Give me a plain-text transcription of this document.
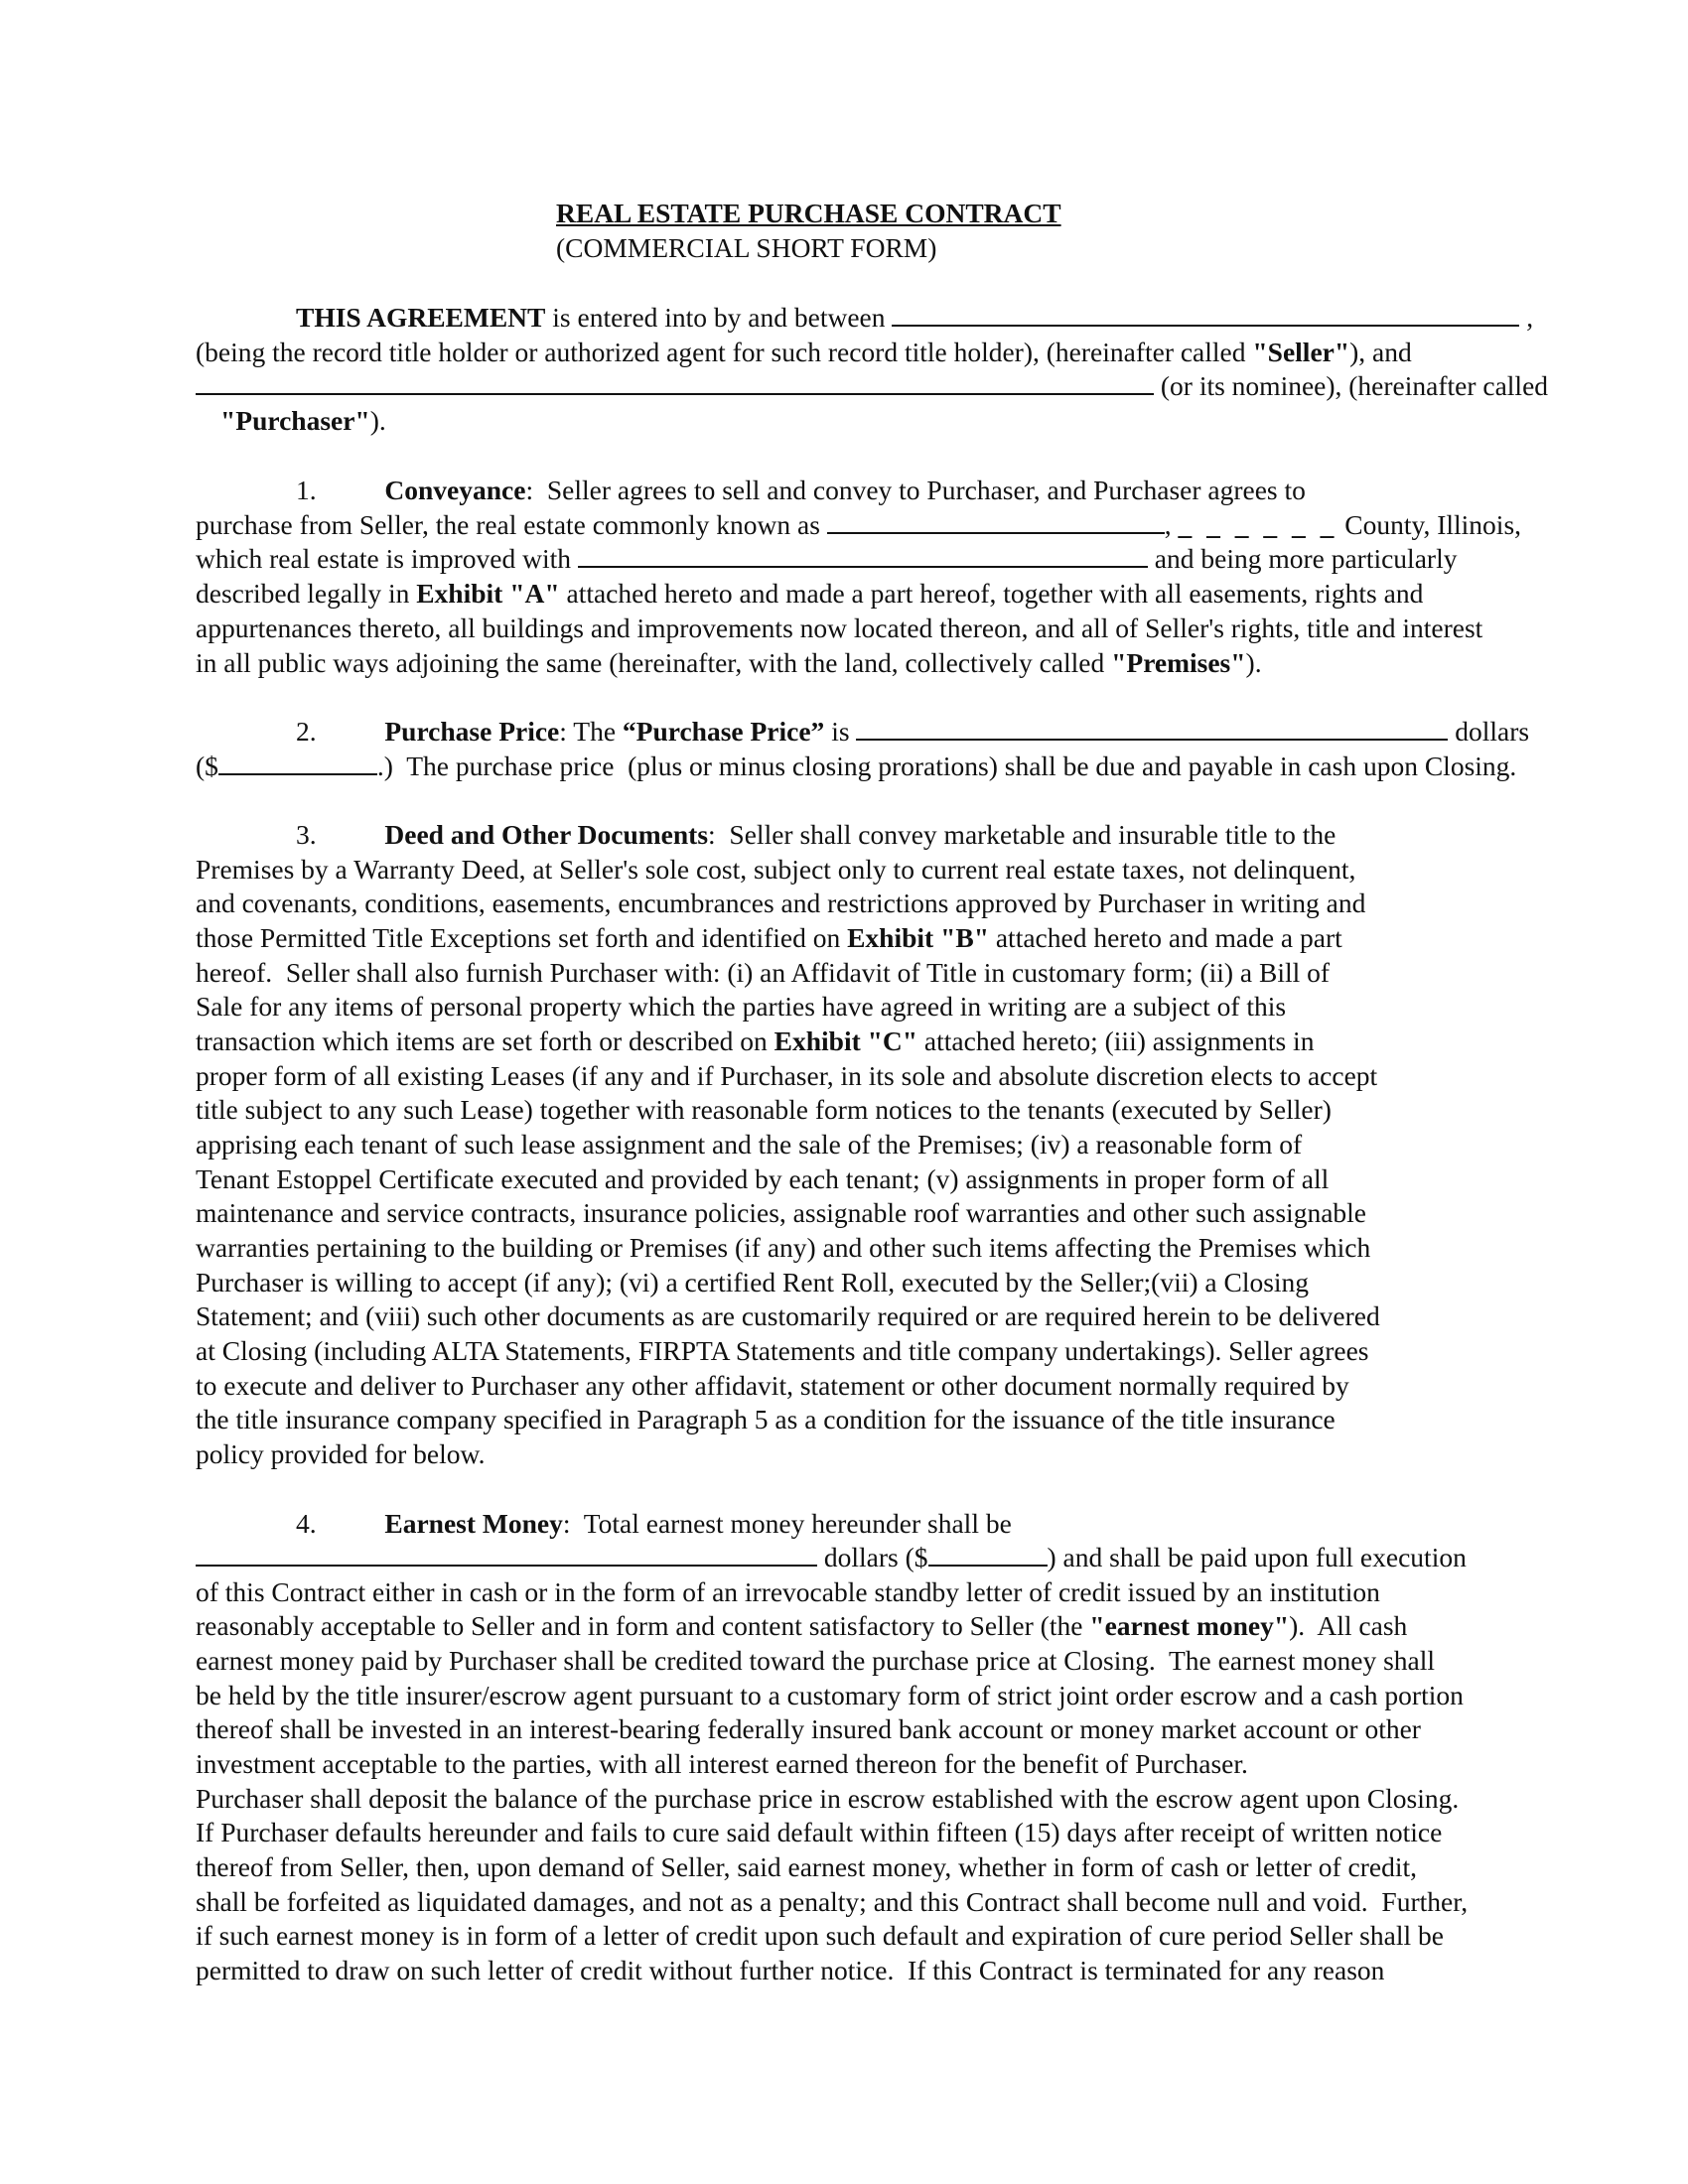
REAL ESTATE PURCHASE CONTRACT
(COMMERCIAL SHORT FORM)
THIS AGREEMENT is entered into by and between	,
(being the record title holder or authorized agent for such record title holder), (hereinafter called "Seller"), and
(or its nominee), (hereinafter called
"Purchaser").
1.	Conveyance:  Seller agrees to sell and convey to Purchaser, and Purchaser agrees to
purchase from Seller, the real estate commonly known as	, _ _ _ _ _ _ County, Illinois,
which real estate is improved with	and being more particularly
described legally in Exhibit "A" attached hereto and made a part hereof, together with all easements, rights and
appurtenances thereto, all buildings and improvements now located thereon, and all of Seller's rights, title and interest
in all public ways adjoining the same (hereinafter, with the land, collectively called "Premises").
2.	Purchase Price: The “Purchase Price” is	dollars
($	.)  The purchase price  (plus or minus closing prorations) shall be due and payable in cash upon Closing.
3.	Deed and Other Documents:  Seller shall convey marketable and insurable title to the
Premises by a Warranty Deed, at Seller's sole cost, subject only to current real estate taxes, not delinquent,
and covenants, conditions, easements, encumbrances and restrictions approved by Purchaser in writing and
those Permitted Title Exceptions set forth and identified on Exhibit "B" attached hereto and made a part
hereof.  Seller shall also furnish Purchaser with: (i) an Affidavit of Title in customary form; (ii) a Bill of
Sale for any items of personal property which the parties have agreed in writing are a subject of this
transaction which items are set forth or described on Exhibit "C" attached hereto; (iii) assignments in
proper form of all existing Leases (if any and if Purchaser, in its sole and absolute discretion elects to accept
title subject to any such Lease) together with reasonable form notices to the tenants (executed by Seller)
apprising each tenant of such lease assignment and the sale of the Premises; (iv) a reasonable form of
Tenant Estoppel Certificate executed and provided by each tenant; (v) assignments in proper form of all
maintenance and service contracts, insurance policies, assignable roof warranties and other such assignable
warranties pertaining to the building or Premises (if any) and other such items affecting the Premises which
Purchaser is willing to accept (if any); (vi) a certified Rent Roll, executed by the Seller;(vii) a Closing
Statement; and (viii) such other documents as are customarily required or are required herein to be delivered
at Closing (including ALTA Statements, FIRPTA Statements and title company undertakings). Seller agrees
to execute and deliver to Purchaser any other affidavit, statement or other document normally required by
the title insurance company specified in Paragraph 5 as a condition for the issuance of the title insurance
policy provided for below.
4.	Earnest Money:  Total earnest money hereunder shall be
dollars ($	) and shall be paid upon full execution
of this Contract either in cash or in the form of an irrevocable standby letter of credit issued by an institution
reasonably acceptable to Seller and in form and content satisfactory to Seller (the "earnest money").  All cash
earnest money paid by Purchaser shall be credited toward the purchase price at Closing.  The earnest money shall
be held by the title insurer/escrow agent pursuant to a customary form of strict joint order escrow and a cash portion
thereof shall be invested in an interest-bearing federally insured bank account or money market account or other
investment acceptable to the parties, with all interest earned thereon for the benefit of Purchaser.
Purchaser shall deposit the balance of the purchase price in escrow established with the escrow agent upon Closing.
If Purchaser defaults hereunder and fails to cure said default within fifteen (15) days after receipt of written notice
thereof from Seller, then, upon demand of Seller, said earnest money, whether in form of cash or letter of credit,
shall be forfeited as liquidated damages, and not as a penalty; and this Contract shall become null and void.  Further,
if such earnest money is in form of a letter of credit upon such default and expiration of cure period Seller shall be
permitted to draw on such letter of credit without further notice.  If this Contract is terminated for any reason
